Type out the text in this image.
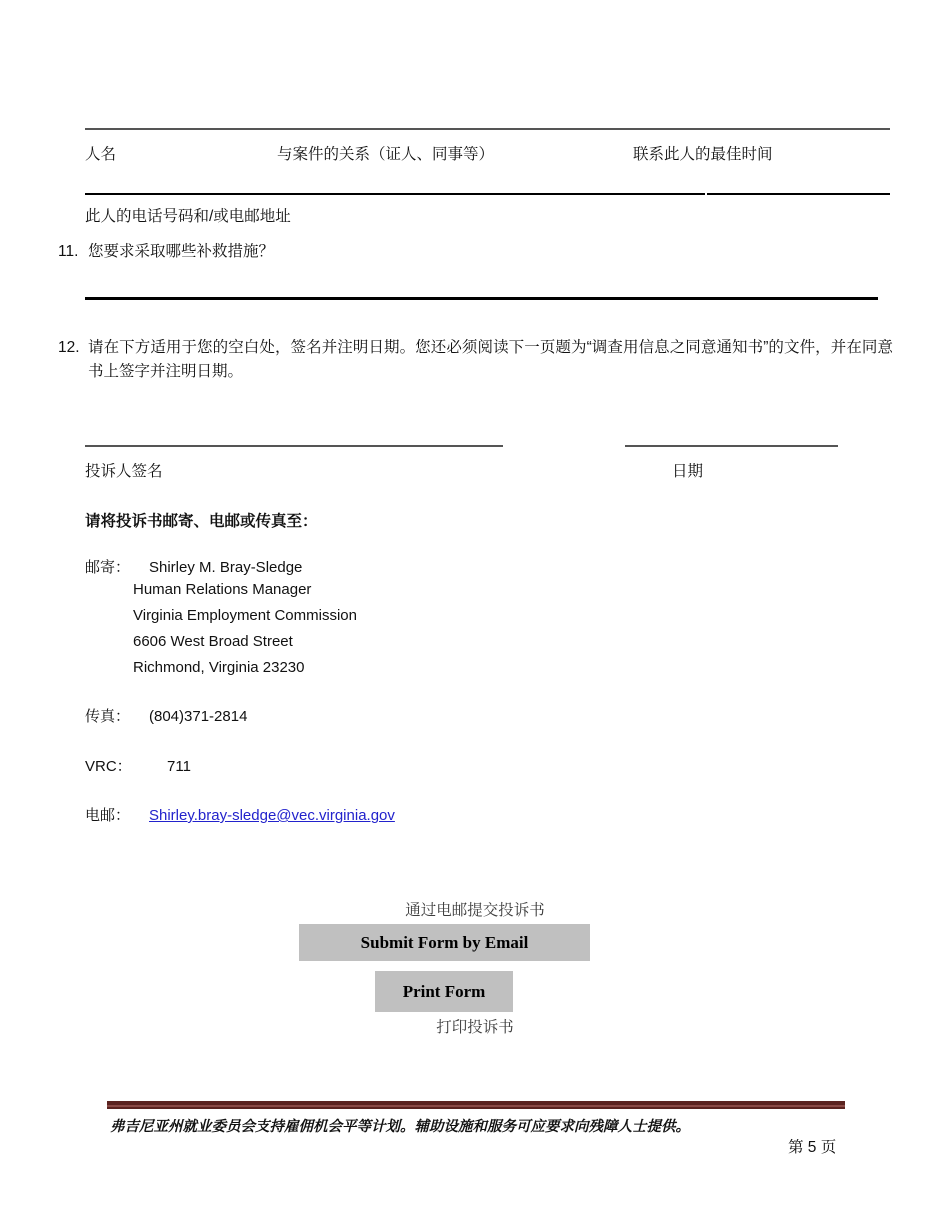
人名	与案件的关系（证人、同事等）	联系此人的最佳时间
此人的电话号码和/或电邮地址
11. 您要求采取哪些补救措施？
12. 请在下方适用于您的空白处，签名并注明日期。您还必须阅读下一页题为“调查用信息之同意通知书”的文件，并在同意书上签字并注明日期。
投诉人签名	日期
请将投诉书邮寄、电邮或传真至：
邮寄： Shirley M. Bray-Sledge
Human Relations Manager
Virginia Employment Commission
6606 West Broad Street
Richmond, Virginia 23230
传真： (804)371-2814
VRC： 711
电邮： Shirley.bray-sledge@vec.virginia.gov
通过电邮提交投诉书
Submit Form by Email
Print Form
打印投诉书
弗吉尼亚州就业委员会支持雇佣机会平等计划。辅助设施和服务可应要求向残障人士提供。
第 5 页
